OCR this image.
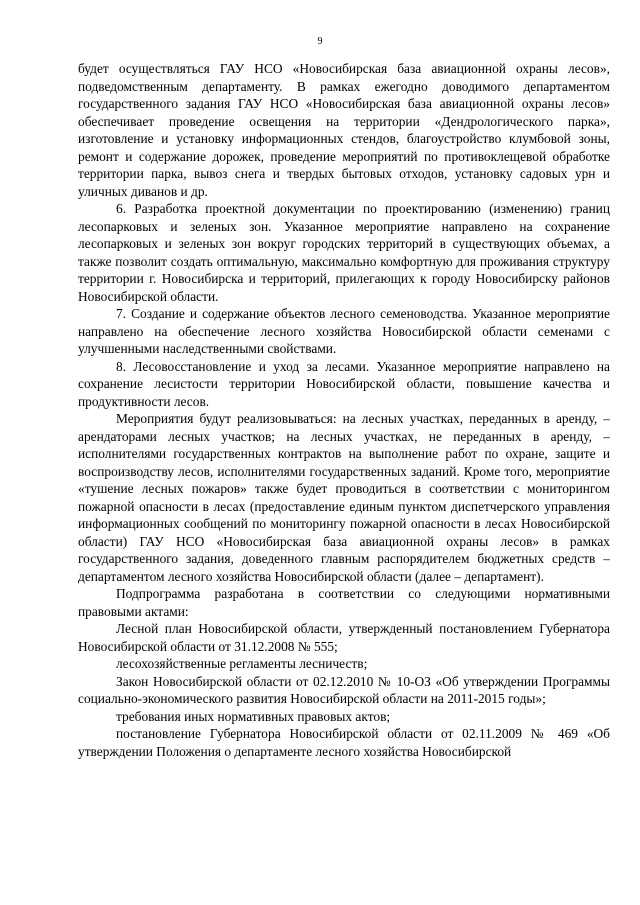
9

будет осуществляться ГАУ НСО «Новосибирская база авиационной охраны лесов», подведомственным департаменту. В рамках ежегодно доводимого департаментом государственного задания ГАУ НСО «Новосибирская база авиационной охраны лесов» обеспечивает проведение освещения на территории «Дендрологического парка», изготовление и установку информационных стендов, благоустройство клумбовой зоны, ремонт и содержание дорожек, проведение мероприятий по противоклещевой обработке территории парка, вывоз снега и твердых бытовых отходов, установку садовых урн и уличных диванов и др.

6. Разработка проектной документации по проектированию (изменению) границ лесопарковых и зеленых зон. Указанное мероприятие направлено на сохранение лесопарковых и зеленых зон вокруг городских территорий в существующих объемах, а также позволит создать оптимальную, максимально комфортную для проживания структуру территории г. Новосибирска и территорий, прилегающих к городу Новосибирску районов Новосибирской области.

7. Создание и содержание объектов лесного семеноводства. Указанное мероприятие направлено на обеспечение лесного хозяйства Новосибирской области семенами с улучшенными наследственными свойствами.

8. Лесовосстановление и уход за лесами. Указанное мероприятие направлено на сохранение лесистости территории Новосибирской области, повышение качества и продуктивности лесов.

Мероприятия будут реализовываться: на лесных участках, переданных в аренду, – арендаторами лесных участков; на лесных участках, не переданных в аренду, – исполнителями государственных контрактов на выполнение работ по охране, защите и воспроизводству лесов, исполнителями государственных заданий. Кроме того, мероприятие «тушение лесных пожаров» также будет проводиться в соответствии с мониторингом пожарной опасности в лесах (предоставление единым пунктом диспетчерского управления информационных сообщений по мониторингу пожарной опасности в лесах Новосибирской области) ГАУ НСО «Новосибирская база авиационной охраны лесов» в рамках государственного задания, доведенного главным распорядителем бюджетных средств – департаментом лесного хозяйства Новосибирской области (далее – департамент).

Подпрограмма разработана в соответствии со следующими нормативными правовыми актами:

Лесной план Новосибирской области, утвержденный постановлением Губернатора Новосибирской области от 31.12.2008 № 555;

лесохозяйственные регламенты лесничеств;

Закон Новосибирской области от 02.12.2010 № 10-ОЗ «Об утверждении Программы социально-экономического развития Новосибирской области на 2011-2015 годы»;

требования иных нормативных правовых актов;

постановление Губернатора Новосибирской области от 02.11.2009 № 469 «Об утверждении Положения о департаменте лесного хозяйства Новосибирской
